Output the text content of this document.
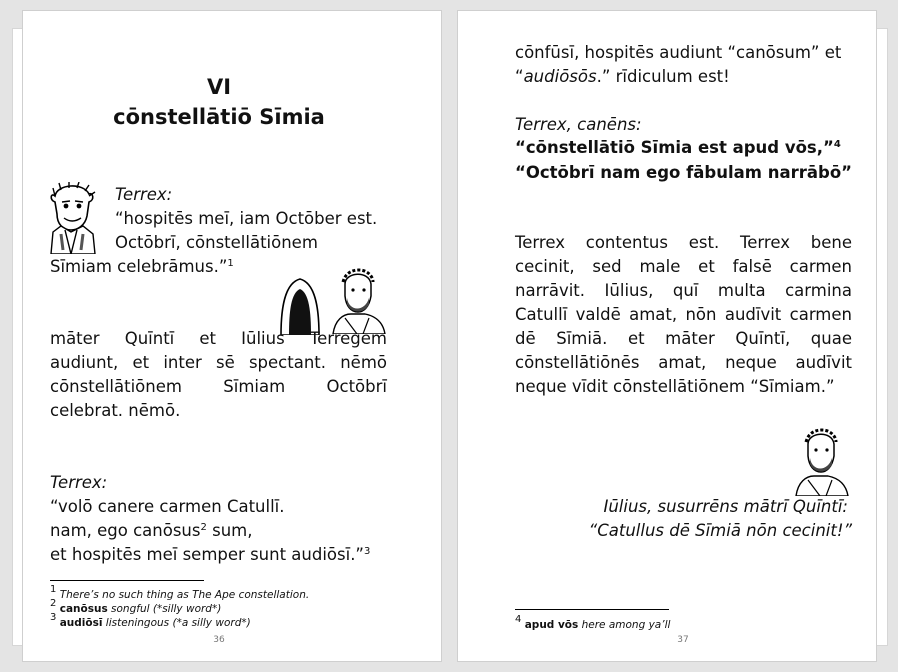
VI
cōnstellātiō Sīmia
Terrex:
“hospitēs meī, iam Octōber est.
Octōbrī, cōnstellātiōnem
Sīmiam celebrāmus.”$^1$
māter Quīntī et Iūlius Terregem
audiunt, et inter sē spectant. nēmō
cōnstellātiōnem Sīmiam Octōbrī
celebrat. nēmō.
Terrex:
“volō canere carmen Catullī.
nam, ego canōsus$^2$ sum,
et hospitēs meī semper sunt audiōsī.”$^3$
$^1$ There’s no such thing as The Ape constellation.
$^2$ canōsus songful (*silly word*)
$^3$ audiōsī listeningous (*a silly word*)
36
cōnfūsī, hospitēs audiunt “canōsum” et
“audiōsōs.” rīdiculum est!
Terrex, canēns:
“cōnstellātiō Sīmia est apud vōs,”$^4$
“Octōbrī nam ego fābulam narrābō”
Terrex contentus est. Terrex bene
cecinit, sed male et falsē carmen
narrāvit. Iūlius, quī multa carmina
Catullī valdē amat, nōn audīvit carmen
dē Sīmiā. et māter Quīntī, quae
cōnstellātiōnēs amat, neque audīvit
neque vīdit cōnstellātiōnem “Sīmiam.”
Iūlius, susurrēns mātrī Quīntī:
“Catullus dē Sīmiā nōn cecinit!”
$^4$ apud vōs here among ya’ll
37
